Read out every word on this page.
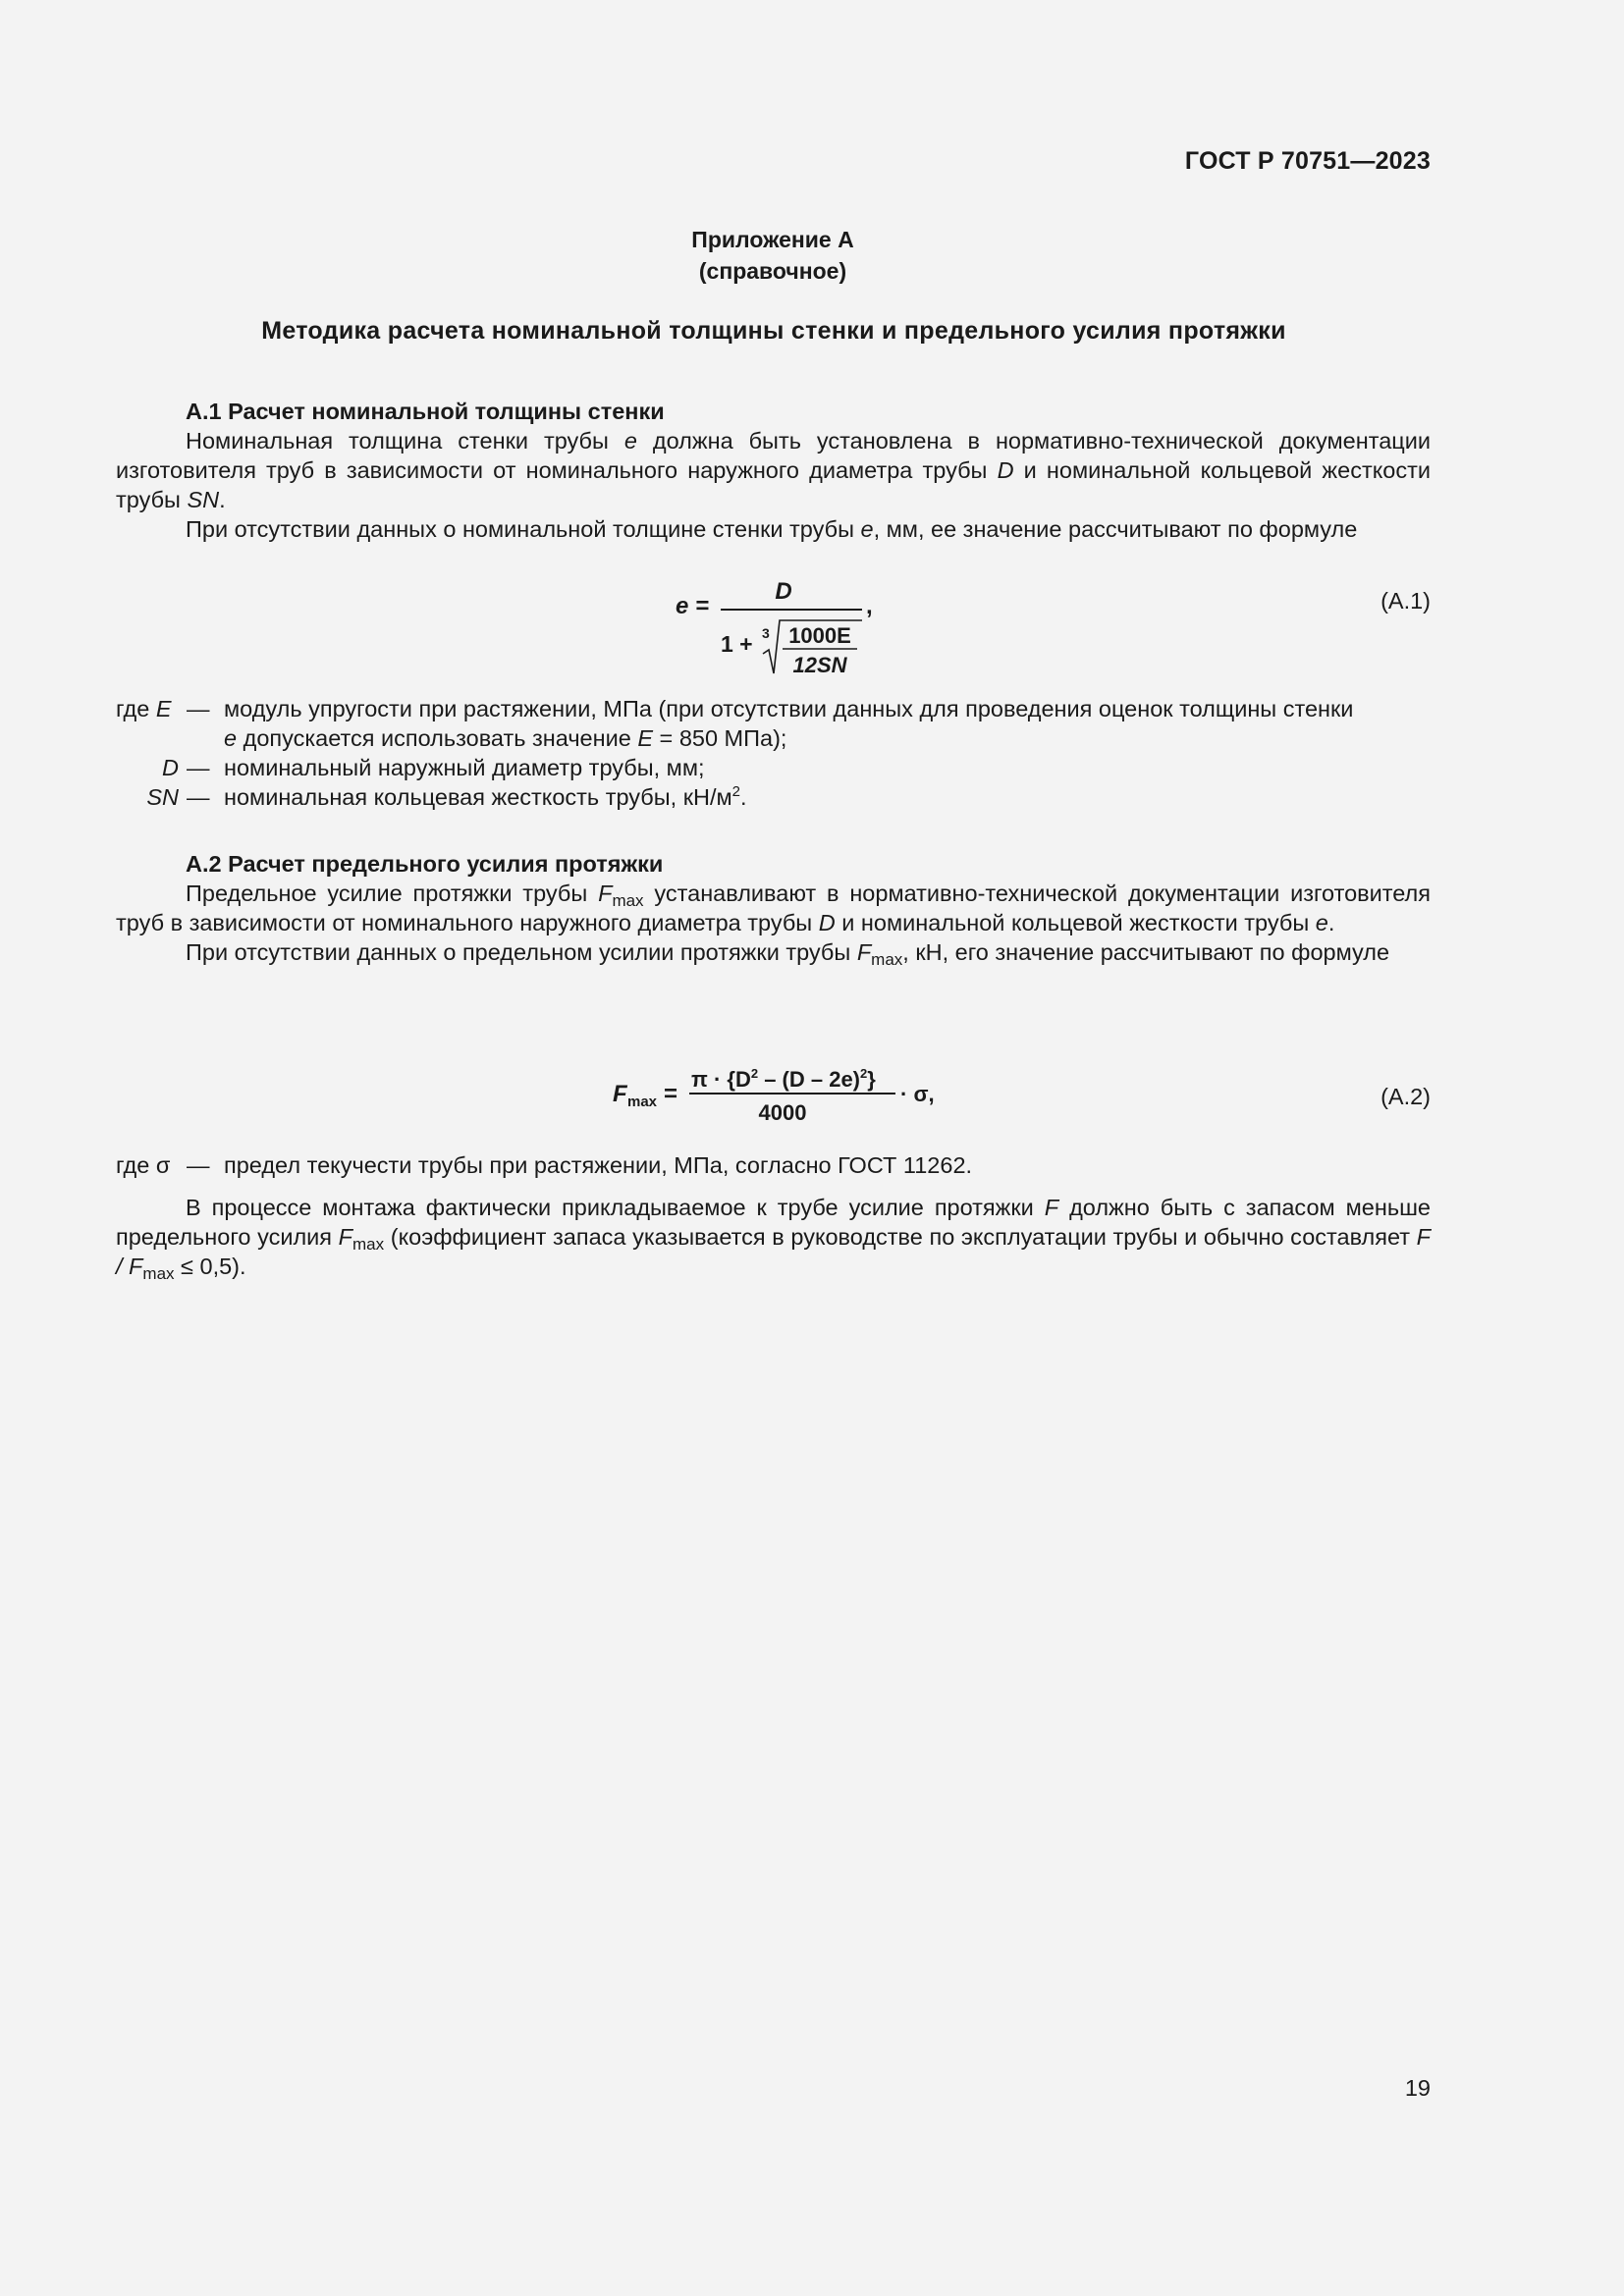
ГОСТ Р 70751—2023
Приложение А
(справочное)
Методика расчета номинальной толщины стенки и предельного усилия протяжки
А.1 Расчет номинальной толщины стенки

Номинальная толщина стенки трубы e должна быть установлена в нормативно-технической документации изготовителя труб в зависимости от номинального наружного диаметра трубы D и номинальной кольцевой жесткости трубы SN.

При отсутствии данных о номинальной толщине стенки трубы e, мм, ее значение рассчитывают по формуле

e =
D
1 + 3 1000E
12SN
,	(А.1)
где E — модуль упругости при растяжении, МПа (при отсутствии данных для проведения оценок толщины стенки
e допускается использовать значение E = 850 МПа);
D — номинальный наружный диаметр трубы, мм;
SN — номинальная кольцевая жесткость трубы, $кН/м^2$.
А.2 Расчет предельного усилия протяжки

Предельное усилие протяжки трубы $F_{max}$ устанавливают в нормативно-технической документации изготовителя труб в зависимости от номинального наружного диаметра трубы D и номинальной кольцевой жесткости трубы e.

При отсутствии данных о предельном усилии протяжки трубы $F_{max}$, кН, его значение рассчитывают по формуле

F max =
$\pi \cdot \{D^2 - (D - 2e)^2\}$
4000
· σ,	(А.2)
где σ — предел текучести трубы при растяжении, МПа, согласно ГОСТ 11262.

В процессе монтажа фактически прикладываемое к трубе усилие протяжки F должно быть с запасом меньше предельного усилия $F_{max}$ (коэффициент запаса указывается в руководстве по эксплуатации трубы и обычно составляет $F / F_{max} \le 0,5$).

19
